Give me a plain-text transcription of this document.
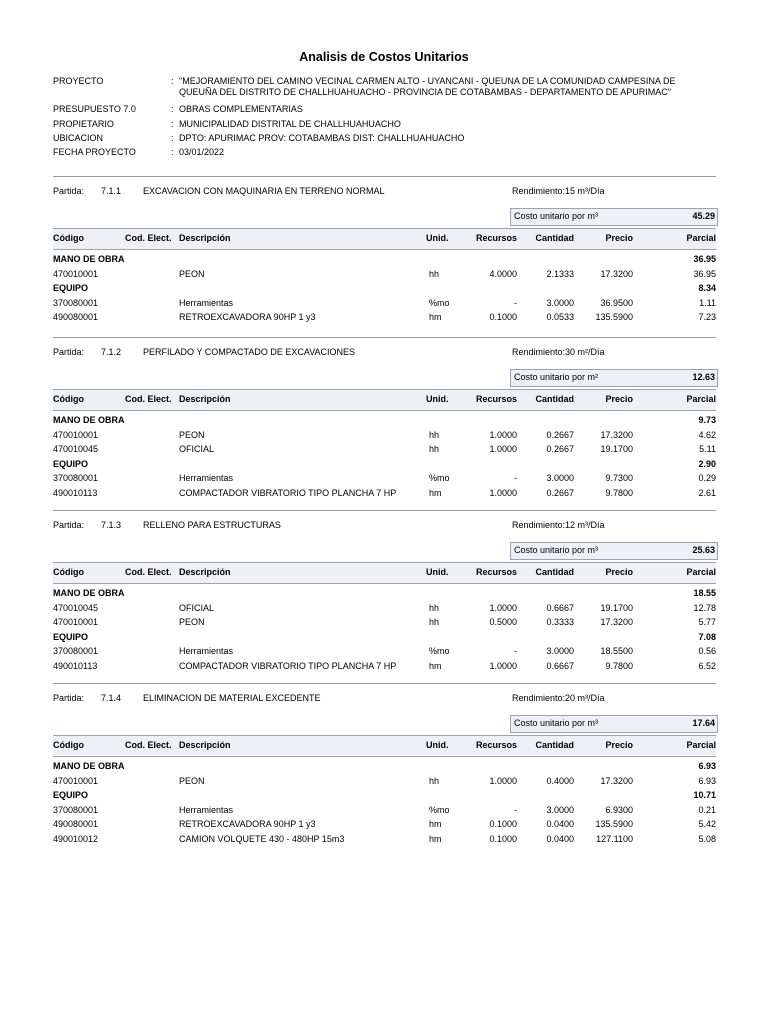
Analisis de Costos Unitarios
PROYECTO	: "MEJORAMIENTO DEL CAMINO VECINAL CARMEN ALTO - UYANCANI - QUEUNA DE LA COMUNIDAD CAMPESINA DE QUEUÑA DEL DISTRITO DE CHALLHUAHUACHO - PROVINCIA DE COTABAMBAS - DEPARTAMENTO DE APURIMAC"
PRESUPUESTO 7.0	: OBRAS COMPLEMENTARIAS
PROPIETARIO	: MUNICIPALIDAD DISTRITAL DE CHALLHUAHUACHO
UBICACION	: DPTO: APURIMAC PROV: COTABAMBAS DIST: CHALLHUAHUACHO
FECHA PROYECTO	: 03/01/2022
Partida: 7.1.1 EXCAVACION CON MAQUINARIA EN TERRENO NORMAL	Rendimiento:15 m³/Día
Costo unitario por m³	45.29
Código	Cod. Elect. Descripción	Unid.	Recursos Cantidad	Precio	Parcial
MANO DE OBRA	36.95
470010001	PEON	hh	4.0000	2.1333	17.3200	36.95
EQUIPO	8.34
370080001	Herramientas	%mo	-	3.0000	36.9500	1.11
490080001	RETROEXCAVADORA 90HP 1 y3	hm	0.1000	0.0533 135.5900	7.23
Partida: 7.1.2 PERFILADO Y COMPACTADO DE EXCAVACIONES	Rendimiento:30 m²/Día
Costo unitario por m²	12.63
Código	Cod. Elect. Descripción	Unid.	Recursos Cantidad	Precio	Parcial
MANO DE OBRA	9.73
470010001	PEON	hh	1.0000	0.2667	17.3200	4.62
470010045	OFICIAL	hh	1.0000	0.2667	19.1700	5.11
EQUIPO	2.90
370080001	Herramientas	%mo	-	3.0000	9.7300	0.29
490010113	COMPACTADOR VIBRATORIO TIPO PLANCHA 7 HP	hm	1.0000	0.2667	9.7800	2.61
Partida: 7.1.3 RELLENO PARA ESTRUCTURAS	Rendimiento:12 m³/Día
Costo unitario por m³	25.63
Código	Cod. Elect. Descripción	Unid.	Recursos Cantidad	Precio	Parcial
MANO DE OBRA	18.55
470010045	OFICIAL	hh	1.0000	0.6667	19.1700	12.78
470010001	PEON	hh	0.5000	0.3333	17.3200	5.77
EQUIPO	7.08
370080001	Herramientas	%mo	-	3.0000	18.5500	0.56
490010113	COMPACTADOR VIBRATORIO TIPO PLANCHA 7 HP	hm	1.0000	0.6667	9.7800	6.52
Partida: 7.1.4 ELIMINACION DE MATERIAL EXCEDENTE	Rendimiento:20 m³/Día
Costo unitario por m³	17.64
Código	Cod. Elect. Descripción	Unid.	Recursos Cantidad	Precio	Parcial
MANO DE OBRA	6.93
470010001	PEON	hh	1.0000	0.4000	17.3200	6.93
EQUIPO	10.71
370080001	Herramientas	%mo	-	3.0000	6.9300	0.21
490080001	RETROEXCAVADORA 90HP 1 y3	hm	0.1000	0.0400 135.5900	5.42
490010012	CAMION VOLQUETE 430 - 480HP 15m3	hm	0.1000	0.0400 127.1100	5.08
